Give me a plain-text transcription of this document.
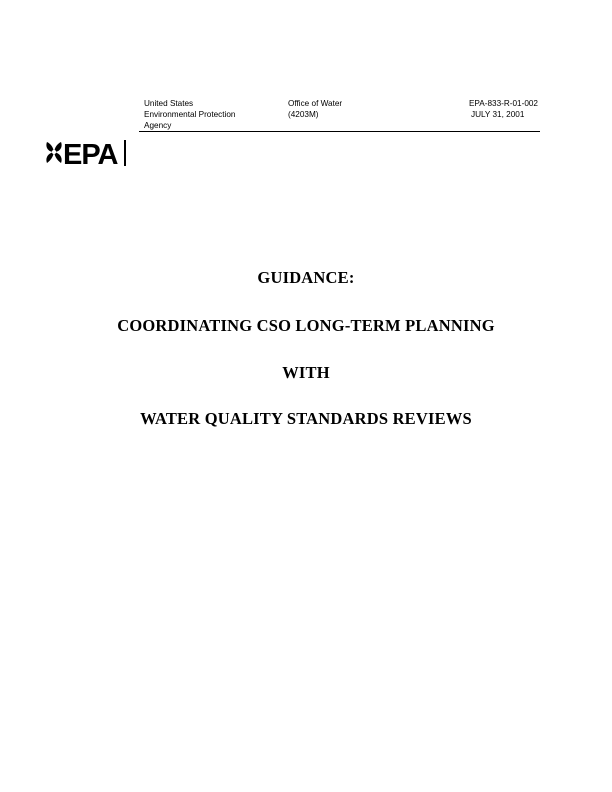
United States
Environmental Protection
Agency
Office of Water
(4203M)
EPA-833-R-01-002
JULY 31, 2001
EPA
GUIDANCE:
COORDINATING CSO LONG-TERM PLANNING
WITH
WATER QUALITY STANDARDS REVIEWS
